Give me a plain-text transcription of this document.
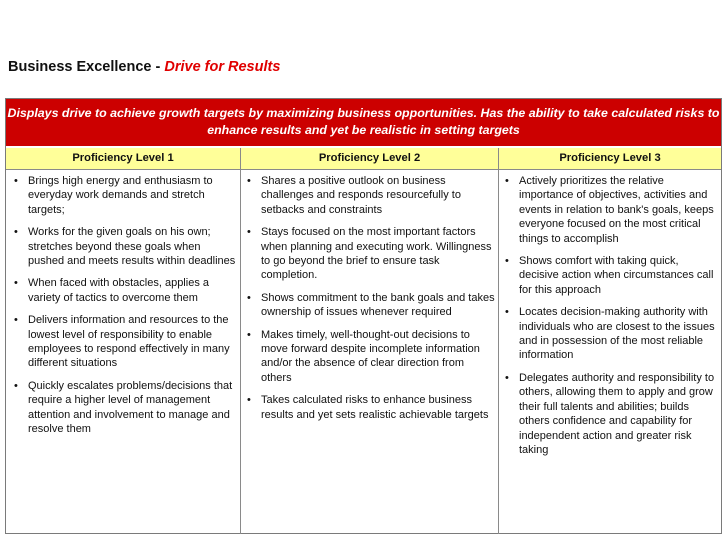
Business Excellence - Drive for Results
Displays drive to achieve growth targets by maximizing business opportunities. Has the ability to take calculated risks to enhance results and yet be realistic in setting targets
Proficiency Level 1	Proficiency Level 2	Proficiency Level 3
• Brings high energy and enthusiasm to everyday work demands and stretch targets;
• Works for the given goals on his own; stretches beyond these goals when pushed and meets results within deadlines
• When faced with obstacles, applies a variety of tactics to overcome them
• Delivers information and resources to the lowest level of responsibility to enable employees to respond effectively in many different situations
• Quickly escalates problems/decisions that require a higher level of management attention and involvement to manage and resolve them
• Shares a positive outlook on business challenges and responds resourcefully to setbacks and constraints
• Stays focused on the most important factors when planning and executing work. Willingness to go beyond the brief to ensure task completion.
• Shows commitment to the bank goals and takes ownership of issues whenever required
• Makes timely, well-thought-out decisions to move forward despite incomplete information and/or the absence of clear direction from others
• Takes calculated risks to enhance business results and yet sets realistic achievable targets
• Actively prioritizes the relative importance of objectives, activities and events in relation to bank's goals, keeps everyone focused on the most critical things to accomplish
• Shows comfort with taking quick, decisive action when circumstances call for this approach
• Locates decision-making authority with individuals who are closest to the issues and in possession of the most reliable information
• Delegates authority and responsibility to others, allowing them to apply and grow their full talents and abilities; builds others confidence and capability for independent action and greater risk taking
